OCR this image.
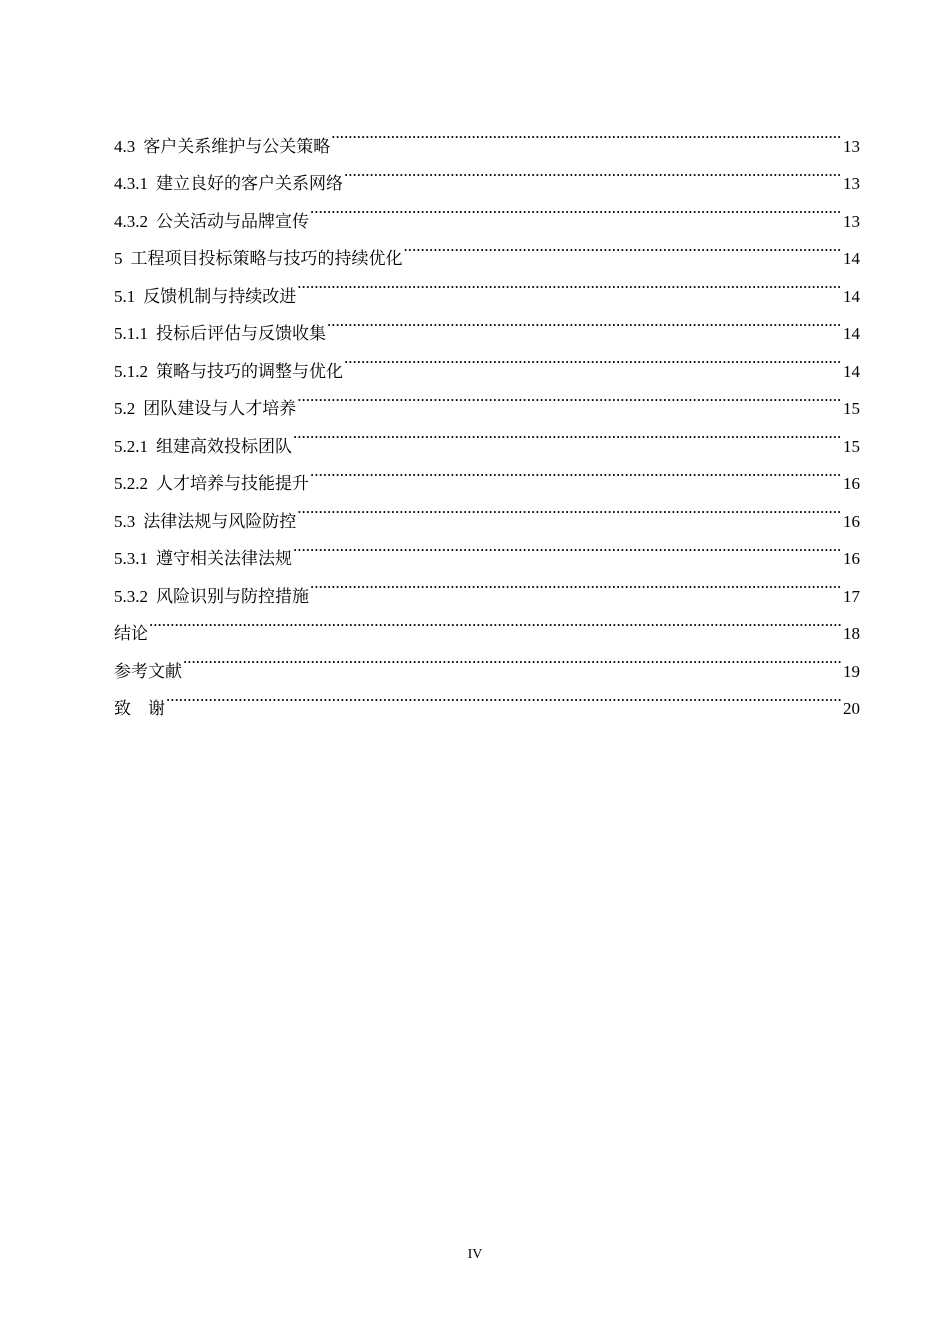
4.3 客户关系维护与公关策略 .....	13
4.3.1 建立良好的客户关系网络 .....	13
4.3.2 公关活动与品牌宣传 .....	13
5 工程项目投标策略与技巧的持续优化 .....	14
5.1 反馈机制与持续改进 .....	14
5.1.1 投标后评估与反馈收集 .....	14
5.1.2 策略与技巧的调整与优化 .....	14
5.2 团队建设与人才培养 .....	15
5.2.1 组建高效投标团队 .....	15
5.2.2 人才培养与技能提升 .....	16
5.3 法律法规与风险防控 .....	16
5.3.1 遵守相关法律法规 .....	16
5.3.2 风险识别与防控措施 .....	17
结论 .....	18
参考文献 .....	19
致　谢 .....	20
IV
